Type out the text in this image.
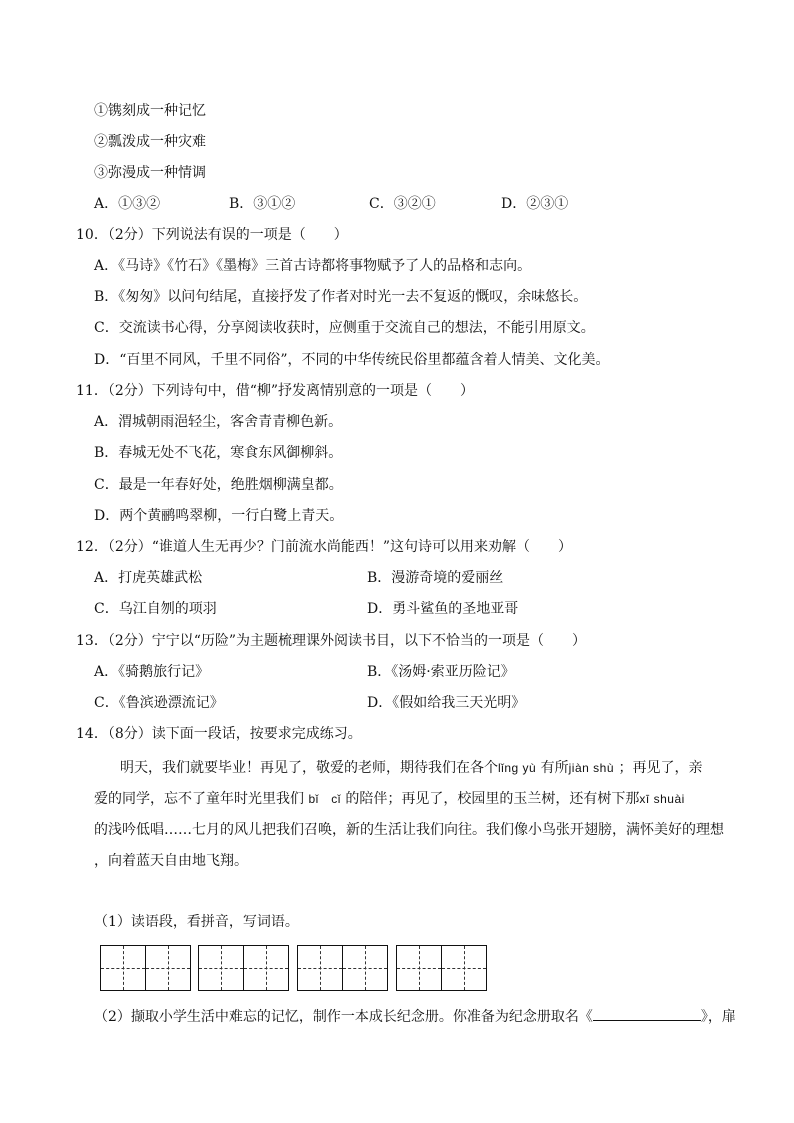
①镌刻成一种记忆
②瓢泼成一种灾难
③弥漫成一种情调
A．①③②	B．③①②	C．③②①	D．②③①
10．（2分）下列说法有误的一项是（　　）
A．《马诗》《竹石》《墨梅》三首古诗都将事物赋予了人的品格和志向。
B．《匆匆》以问句结尾，直接抒发了作者对时光一去不复返的慨叹，余味悠长。
C．交流读书心得，分享阅读收获时，应侧重于交流自己的想法，不能引用原文。
D．“百里不同风，千里不同俗”，不同的中华传统民俗里都蕴含着人情美、文化美。
11．（2分）下列诗句中，借“柳”抒发离情别意的一项是（　　）
A．渭城朝雨浥轻尘，客舍青青柳色新。
B．春城无处不飞花，寒食东风御柳斜。
C．最是一年春好处，绝胜烟柳满皇都。
D．两个黄鹂鸣翠柳，一行白鹭上青天。
12．（2分）“谁道人生无再少？门前流水尚能西！”这句诗可以用来劝解（　　）
A．打虎英雄武松	B．漫游奇境的爱丽丝
C．乌江自刎的项羽	D．勇斗鲨鱼的圣地亚哥
13．（2分）宁宁以“历险”为主题梳理课外阅读书目，以下不恰当的一项是（　　）
A．《骑鹅旅行记》	B．《汤姆·索亚历险记》
C．《鲁滨逊漂流记》	D．《假如给我三天光明》
14．（8分）读下面一段话，按要求完成练习。
明天，我们就要毕业！再见了，敬爱的老师，期待我们在各个lǐng yù 有所jiàn shù ；再见了，亲
爱的同学，忘不了童年时光里我们 bǐ　cǐ 的陪伴；再见了，校园里的玉兰树，还有树下那xī shuài
的浅吟低唱……七月的风儿把我们召唤，新的生活让我们向往。我们像小鸟张开翅膀，满怀美好的理想
，向着蓝天自由地飞翔。
（1）读语段，看拼音，写词语。
（2）撷取小学生活中难忘的记忆，制作一本成长纪念册。你准备为纪念册取名《	》，扉
